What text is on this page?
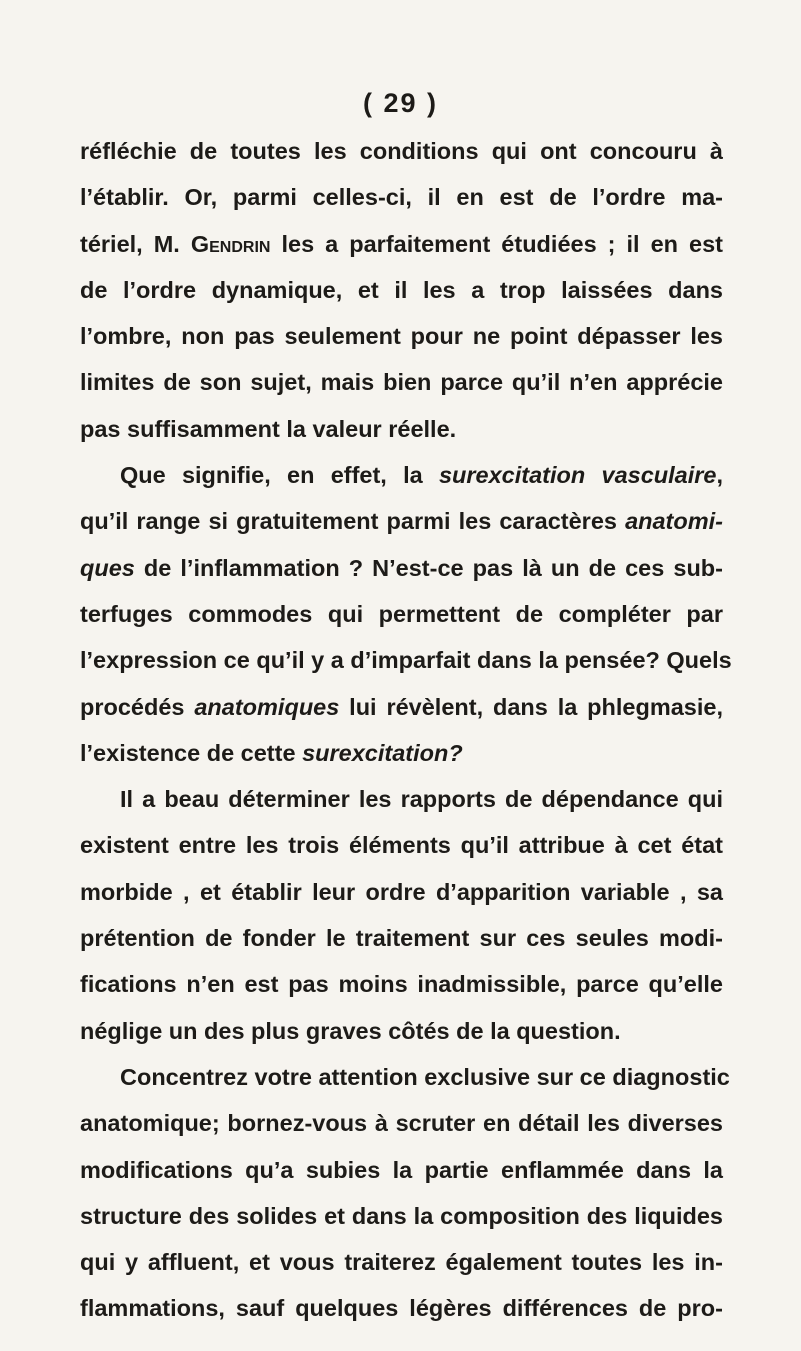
( 29 )
réfléchie de toutes les conditions qui ont concouru à
l’établir. Or, parmi celles-ci, il en est de l’ordre ma-
tériel, M. Gendrin les a parfaitement étudiées ; il en est
de l’ordre dynamique, et il les a trop laissées dans
l’ombre, non pas seulement pour ne point dépasser les
limites de son sujet, mais bien parce qu’il n’en apprécie
pas suffisamment la valeur réelle.
Que signifie, en effet, la surexcitation vasculaire,
qu’il range si gratuitement parmi les caractères anatomi-
ques de l’inflammation ? N’est-ce pas là un de ces sub-
terfuges commodes qui permettent de compléter par
l’expression ce qu’il y a d’imparfait dans la pensée? Quels
procédés anatomiques lui révèlent, dans la phlegmasie,
l’existence de cette surexcitation?
Il a beau déterminer les rapports de dépendance qui
existent entre les trois éléments qu’il attribue à cet état
morbide , et établir leur ordre d’apparition variable , sa
prétention de fonder le traitement sur ces seules modi-
fications n’en est pas moins inadmissible, parce qu’elle
néglige un des plus graves côtés de la question.
Concentrez votre attention exclusive sur ce diagnostic
anatomique; bornez-vous à scruter en détail les diverses
modifications qu’a subies la partie enflammée dans la
structure des solides et dans la composition des liquides
qui y affluent, et vous traiterez également toutes les in-
flammations, sauf quelques légères différences de pro-
